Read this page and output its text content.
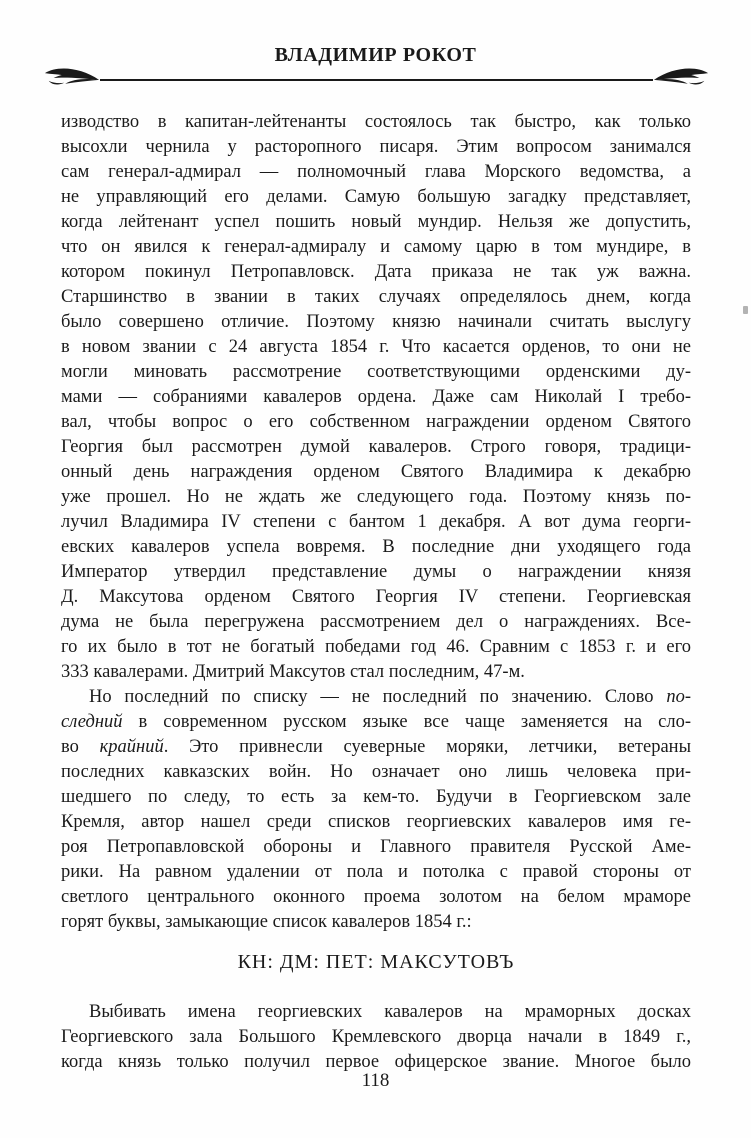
ВЛАДИМИР РОКОТ
изводство в капитан-лейтенанты состоялось так быстро, как только
высохли чернила у расторопного писаря. Этим вопросом занимался
сам генерал-адмирал — полномочный глава Морского ведомства, а
не управляющий его делами. Самую большую загадку представляет,
когда лейтенант успел пошить новый мундир. Нельзя же допустить,
что он явился к генерал-адмиралу и самому царю в том мундире, в
котором покинул Петропавловск. Дата приказа не так уж важна.
Старшинство в звании в таких случаях определялось днем, когда
было совершено отличие. Поэтому князю начинали считать выслугу
в новом звании с 24 августа 1854 г. Что касается орденов, то они не
могли миновать рассмотрение соответствующими орденскими ду-
мами — собраниями кавалеров ордена. Даже сам Николай I требо-
вал, чтобы вопрос о его собственном награждении орденом Святого
Георгия был рассмотрен думой кавалеров. Строго говоря, традици-
онный день награждения орденом Святого Владимира к декабрю
уже прошел. Но не ждать же следующего года. Поэтому князь по-
лучил Владимира IV степени с бантом 1 декабря. А вот дума георги-
евских кавалеров успела вовремя. В последние дни уходящего года
Император утвердил представление думы о награждении князя
Д. Максутова орденом Святого Георгия IV степени. Георгиевская
дума не была перегружена рассмотрением дел о награждениях. Все-
го их было в тот не богатый победами год 46. Сравним с 1853 г. и его
333 кавалерами. Дмитрий Максутов стал последним, 47-м.
Но последний по списку — не последний по значению. Слово по-
следний в современном русском языке все чаще заменяется на сло-
во крайний. Это привнесли суеверные моряки, летчики, ветераны
последних кавказских войн. Но означает оно лишь человека при-
шедшего по следу, то есть за кем-то. Будучи в Георгиевском зале
Кремля, автор нашел среди списков георгиевских кавалеров имя ге-
роя Петропавловской обороны и Главного правителя Русской Аме-
рики. На равном удалении от пола и потолка с правой стороны от
светлого центрального оконного проема золотом на белом мраморе
горят буквы, замыкающие список кавалеров 1854 г.:
КН: ДМ: ПЕТ: МАКСУТОВЪ
Выбивать имена георгиевских кавалеров на мраморных досках
Георгиевского зала Большого Кремлевского дворца начали в 1849 г.,
когда князь только получил первое офицерское звание. Многое было
118
